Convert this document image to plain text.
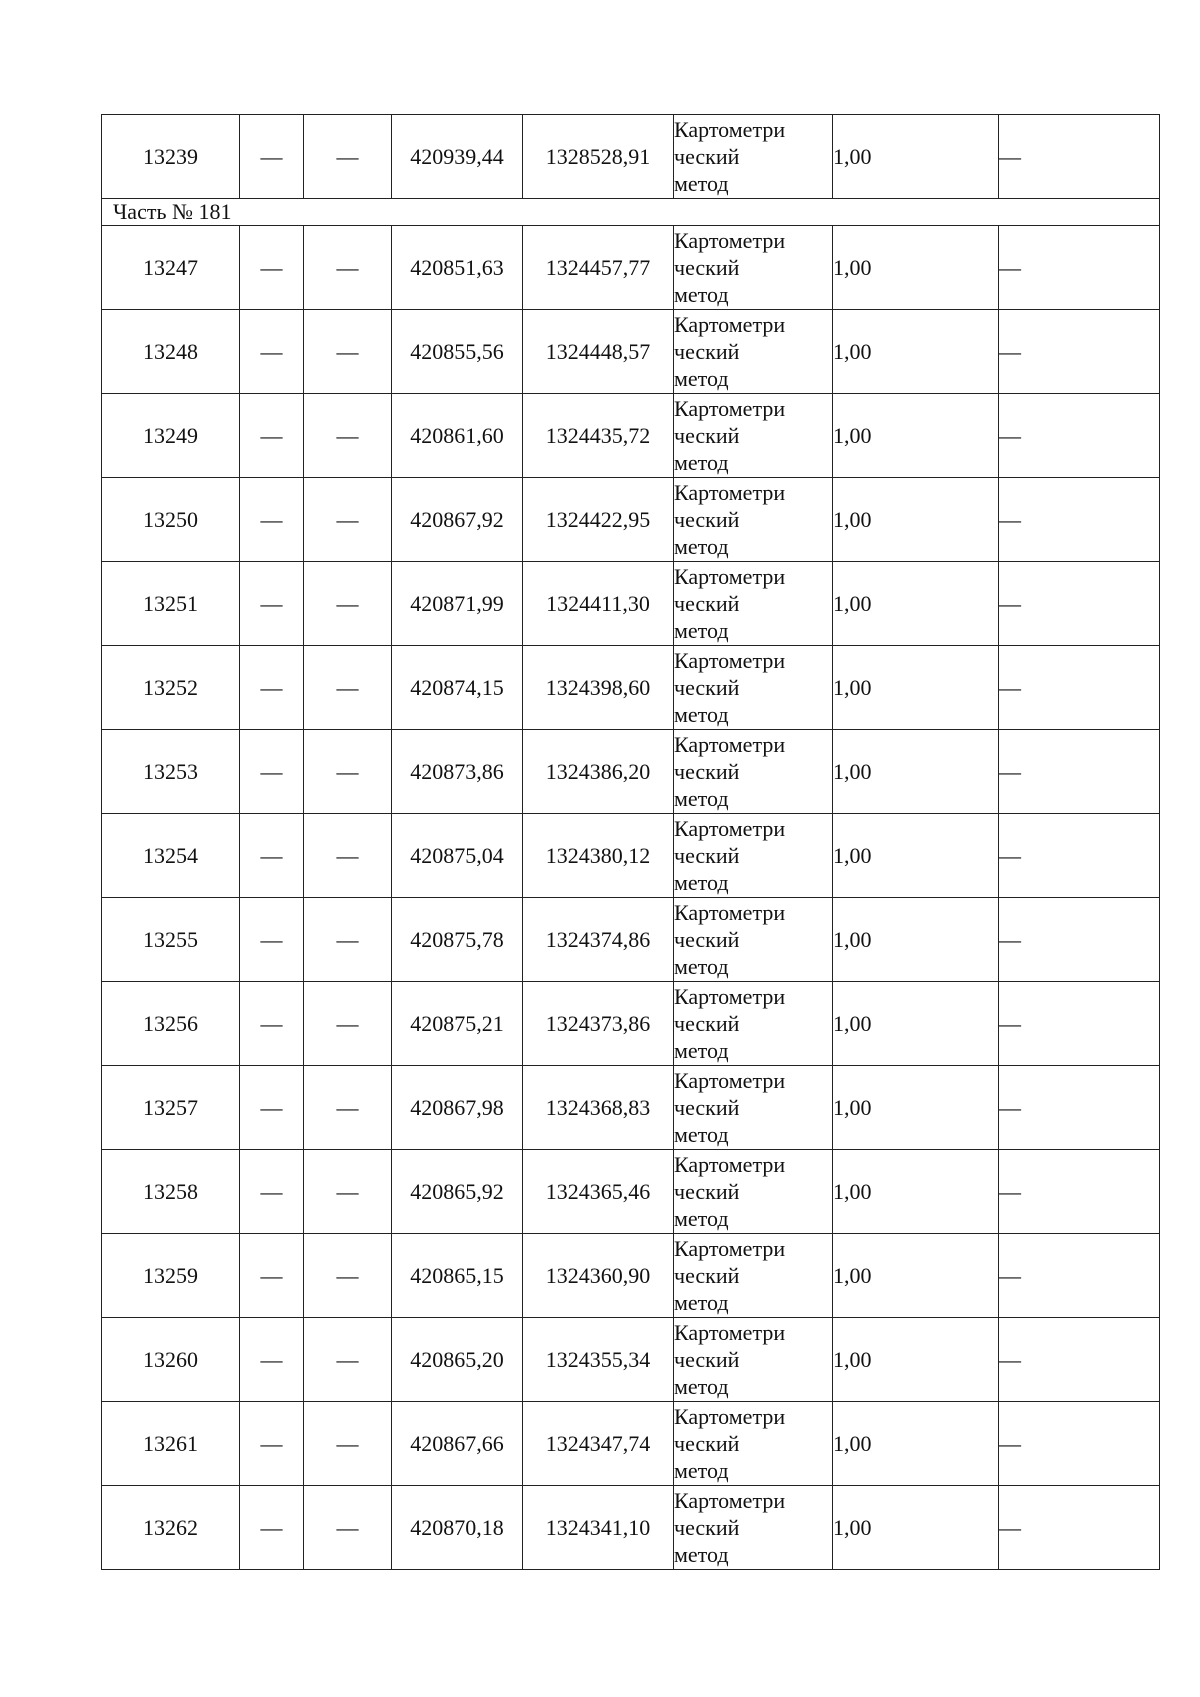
13239	—	—	420939,44	1328528,91	Картометри
ческий
метод	1,00	—
Часть № 181							
13247	—	—	420851,63	1324457,77	Картометри
ческий
метод	1,00	—
13248	—	—	420855,56	1324448,57	Картометри
ческий
метод	1,00	—
13249	—	—	420861,60	1324435,72	Картометри
ческий
метод	1,00	—
13250	—	—	420867,92	1324422,95	Картометри
ческий
метод	1,00	—
13251	—	—	420871,99	1324411,30	Картометри
ческий
метод	1,00	—
13252	—	—	420874,15	1324398,60	Картометри
ческий
метод	1,00	—
13253	—	—	420873,86	1324386,20	Картометри
ческий
метод	1,00	—
13254	—	—	420875,04	1324380,12	Картометри
ческий
метод	1,00	—
13255	—	—	420875,78	1324374,86	Картометри
ческий
метод	1,00	—
13256	—	—	420875,21	1324373,86	Картометри
ческий
метод	1,00	—
13257	—	—	420867,98	1324368,83	Картометри
ческий
метод	1,00	—
13258	—	—	420865,92	1324365,46	Картометри
ческий
метод	1,00	—
13259	—	—	420865,15	1324360,90	Картометри
ческий
метод	1,00	—
13260	—	—	420865,20	1324355,34	Картометри
ческий
метод	1,00	—
13261	—	—	420867,66	1324347,74	Картометри
ческий
метод	1,00	—
13262	—	—	420870,18	1324341,10	Картометри
ческий
метод	1,00	—
